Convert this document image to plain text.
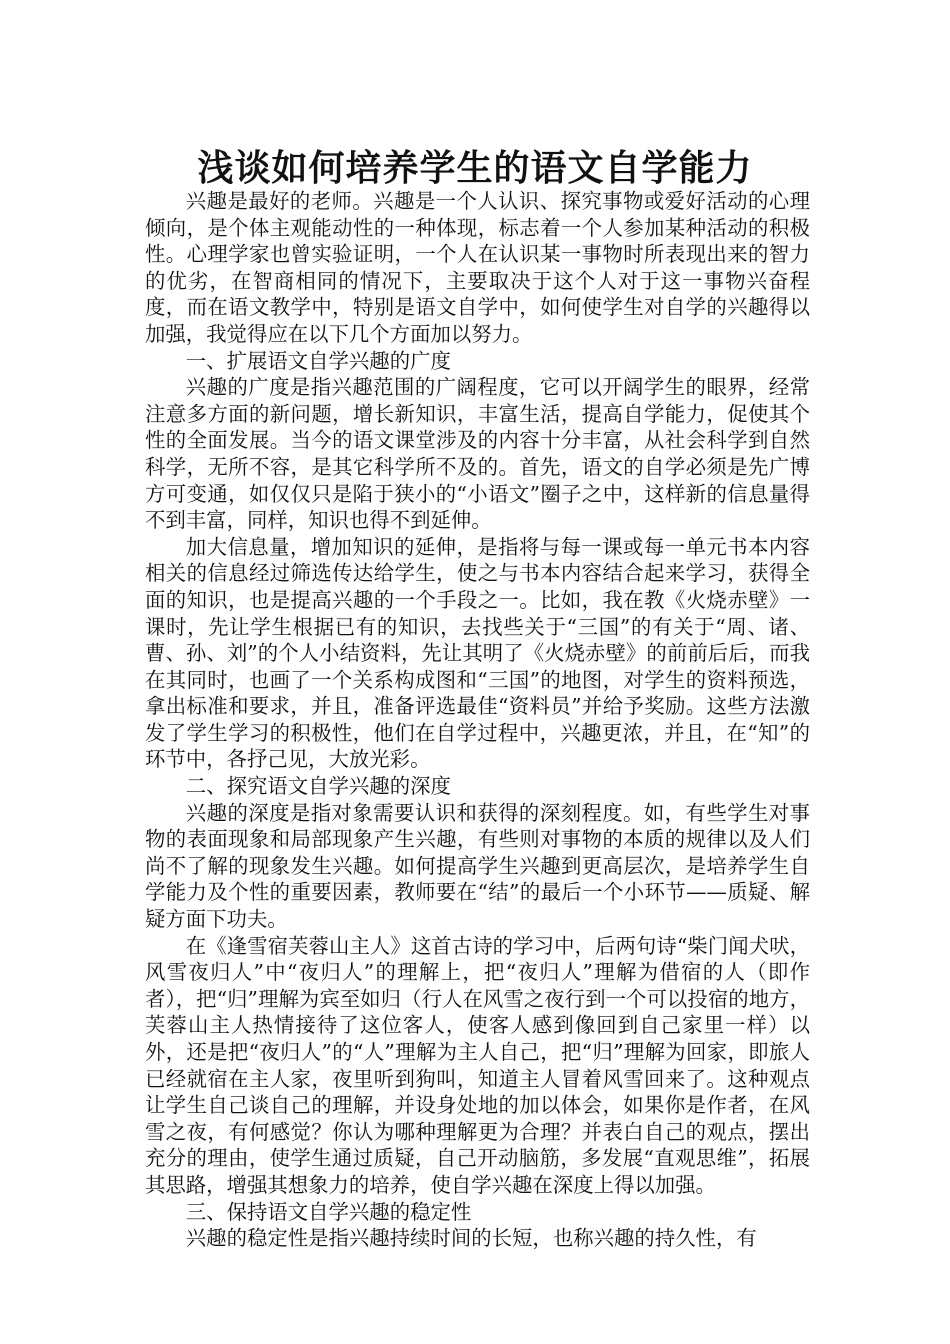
浅谈如何培养学生的语文自学能力

兴趣是最好的老师。兴趣是一个人认识、探究事物或爱好活动的心理倾向，是个体主观能动性的一种体现，标志着一个人参加某种活动的积极性。心理学家也曾实验证明，一个人在认识某一事物时所表现出来的智力的优劣，在智商相同的情况下，主要取决于这个人对于这一事物兴奋程度，而在语文教学中，特别是语文自学中，如何使学生对自学的兴趣得以加强，我觉得应在以下几个方面加以努力。

一、扩展语文自学兴趣的广度

兴趣的广度是指兴趣范围的广阔程度，它可以开阔学生的眼界，经常注意多方面的新问题，增长新知识，丰富生活，提高自学能力，促使其个性的全面发展。当今的语文课堂涉及的内容十分丰富，从社会科学到自然科学，无所不容，是其它科学所不及的。首先，语文的自学必须是先广博方可变通，如仅仅只是陷于狭小的“小语文”圈子之中，这样新的信息量得不到丰富，同样，知识也得不到延伸。

加大信息量，增加知识的延伸，是指将与每一课或每一单元书本内容相关的信息经过筛选传达给学生，使之与书本内容结合起来学习，获得全面的知识，也是提高兴趣的一个手段之一。比如，我在教《火烧赤壁》一课时，先让学生根据已有的知识，去找些关于“三国”的有关于“周、诸、曹、孙、刘”的个人小结资料，先让其明了《火烧赤壁》的前前后后，而我在其同时，也画了一个关系构成图和“三国”的地图，对学生的资料预选，拿出标准和要求，并且，准备评选最佳“资料员”并给予奖励。这些方法激发了学生学习的积极性，他们在自学过程中，兴趣更浓，并且，在“知”的环节中，各抒己见，大放光彩。

二、探究语文自学兴趣的深度

兴趣的深度是指对象需要认识和获得的深刻程度。如，有些学生对事物的表面现象和局部现象产生兴趣，有些则对事物的本质的规律以及人们尚不了解的现象发生兴趣。如何提高学生兴趣到更高层次，是培养学生自学能力及个性的重要因素，教师要在“结”的最后一个小环节——质疑、解疑方面下功夫。

在《逢雪宿芙蓉山主人》这首古诗的学习中，后两句诗“柴门闻犬吠，风雪夜归人”中“夜归人”的理解上，把“夜归人”理解为借宿的人（即作者），把“归”理解为宾至如归（行人在风雪之夜行到一个可以投宿的地方，芙蓉山主人热情接待了这位客人，使客人感到像回到自己家里一样）以外，还是把“夜归人”的“人”理解为主人自己，把“归”理解为回家，即旅人已经就宿在主人家，夜里听到狗叫，知道主人冒着风雪回来了。这种观点让学生自己谈自己的理解，并设身处地的加以体会，如果你是作者，在风雪之夜，有何感觉？你认为哪种理解更为合理？并表白自己的观点，摆出充分的理由，使学生通过质疑，自己开动脑筋，多发展“直观思维”，拓展其思路，增强其想象力的培养，使自学兴趣在深度上得以加强。

三、保持语文自学兴趣的稳定性

兴趣的稳定性是指兴趣持续时间的长短，也称兴趣的持久性，有
